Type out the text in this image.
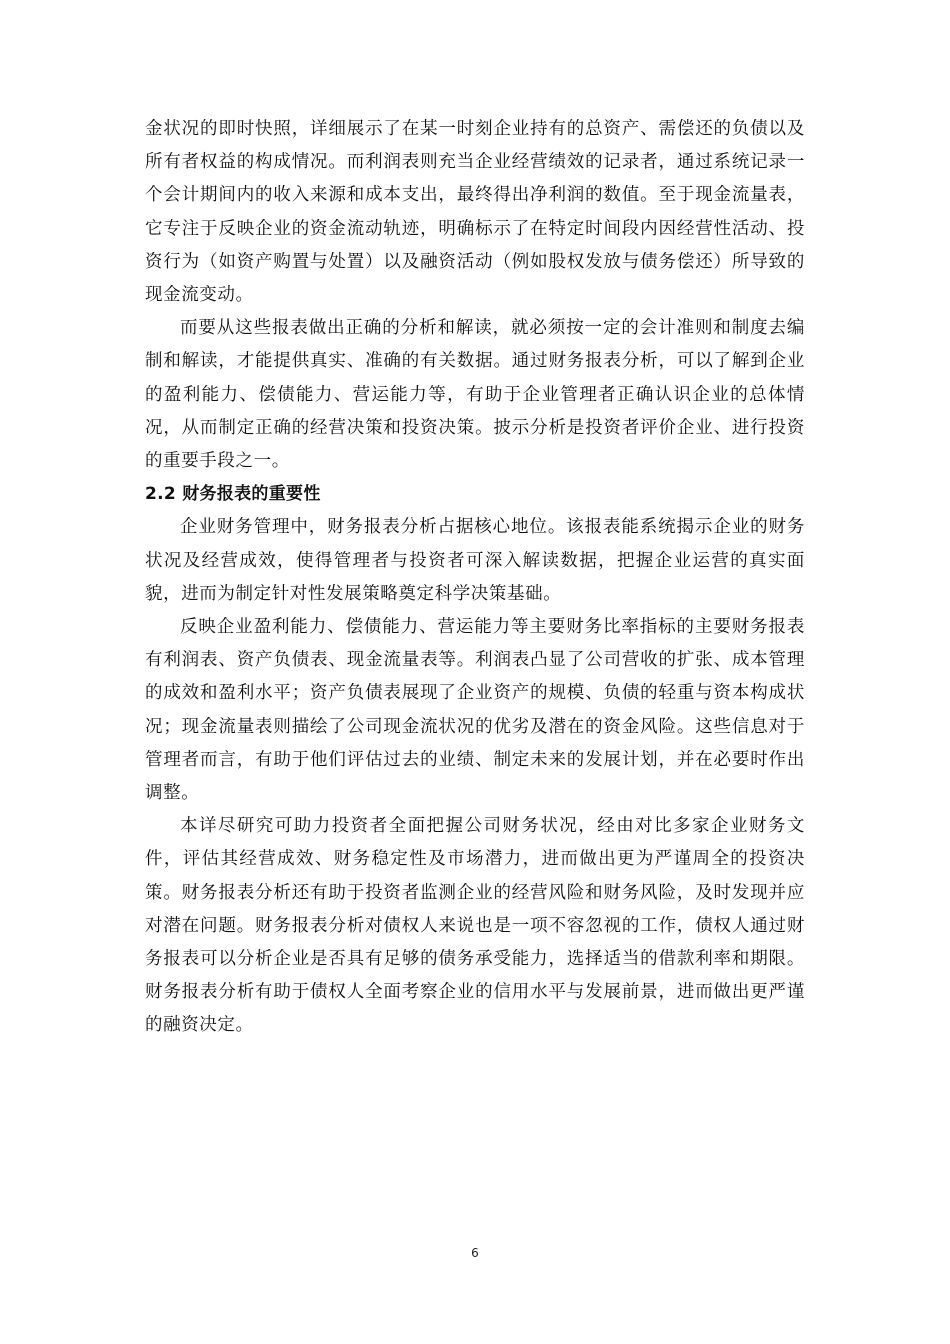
金状况的即时快照，详细展示了在某一时刻企业持有的总资产、需偿还的负债以及所有者权益的构成情况。而利润表则充当企业经营绩效的记录者，通过系统记录一个会计期间内的收入来源和成本支出，最终得出净利润的数值。至于现金流量表，它专注于反映企业的资金流动轨迹，明确标示了在特定时间段内因经营性活动、投资行为（如资产购置与处置）以及融资活动（例如股权发放与债务偿还）所导致的现金流变动。

而要从这些报表做出正确的分析和解读，就必须按一定的会计准则和制度去编制和解读，才能提供真实、准确的有关数据。通过财务报表分析，可以了解到企业的盈利能力、偿债能力、营运能力等，有助于企业管理者正确认识企业的总体情况，从而制定正确的经营决策和投资决策。披示分析是投资者评价企业、进行投资的重要手段之一。

2.2 财务报表的重要性

企业财务管理中，财务报表分析占据核心地位。该报表能系统揭示企业的财务状况及经营成效，使得管理者与投资者可深入解读数据，把握企业运营的真实面貌，进而为制定针对性发展策略奠定科学决策基础。

反映企业盈利能力、偿债能力、营运能力等主要财务比率指标的主要财务报表有利润表、资产负债表、现金流量表等。利润表凸显了公司营收的扩张、成本管理的成效和盈利水平；资产负债表展现了企业资产的规模、负债的轻重与资本构成状况；现金流量表则描绘了公司现金流状况的优劣及潜在的资金风险。这些信息对于管理者而言，有助于他们评估过去的业绩、制定未来的发展计划，并在必要时作出调整。

本详尽研究可助力投资者全面把握公司财务状况，经由对比多家企业财务文件，评估其经营成效、财务稳定性及市场潜力，进而做出更为严谨周全的投资决策。财务报表分析还有助于投资者监测企业的经营风险和财务风险，及时发现并应对潜在问题。财务报表分析对债权人来说也是一项不容忽视的工作，债权人通过财务报表可以分析企业是否具有足够的债务承受能力，选择适当的借款利率和期限。财务报表分析有助于债权人全面考察企业的信用水平与发展前景，进而做出更严谨的融资决定。

6
